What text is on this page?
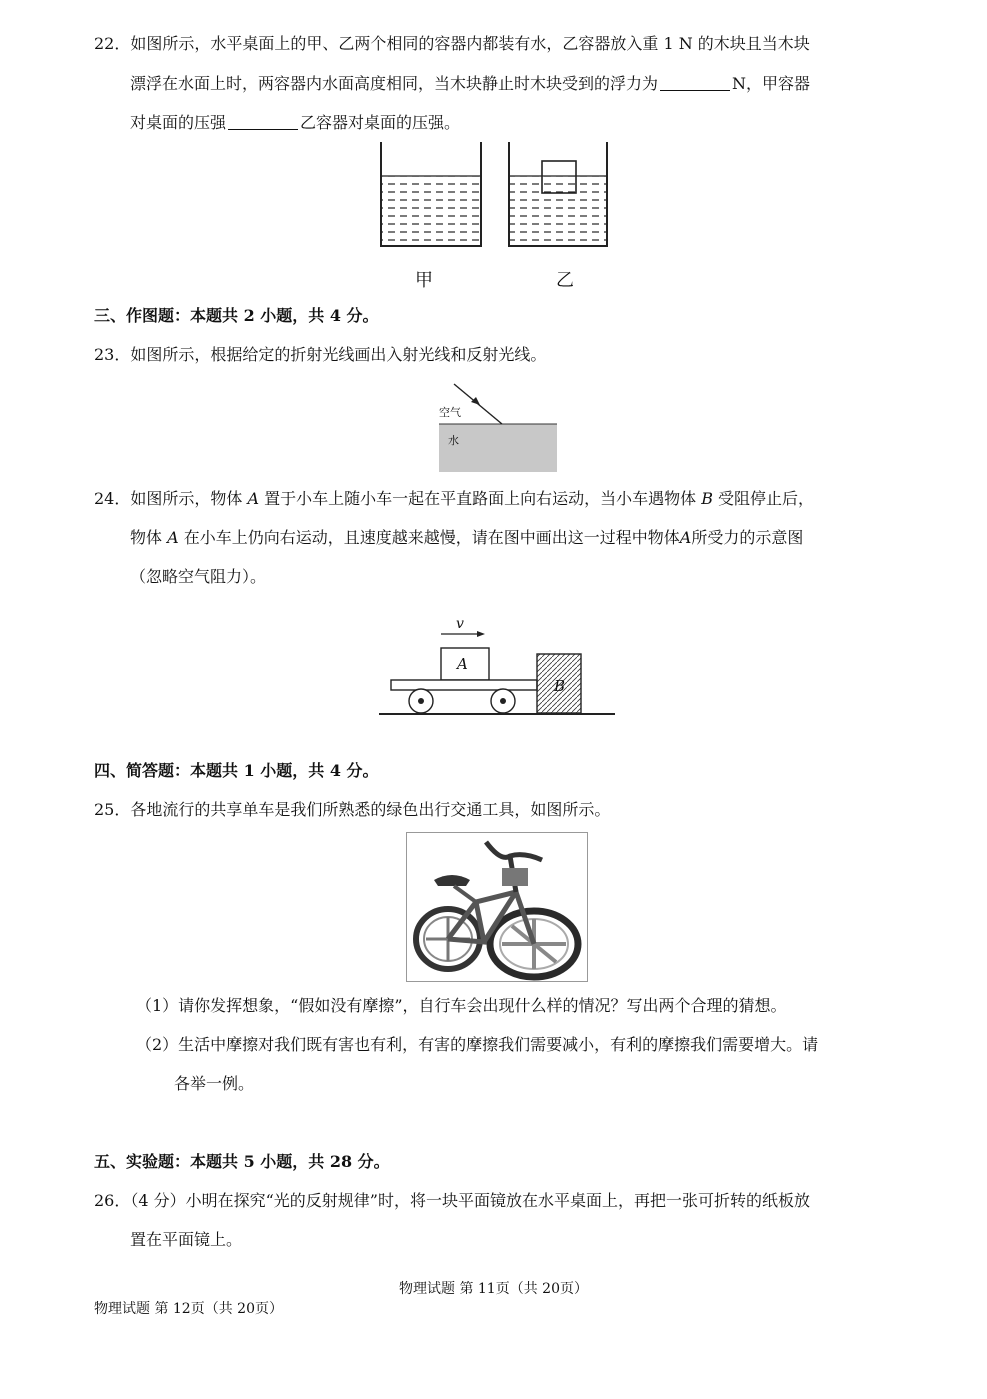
22．如图所示，水平桌面上的甲、乙两个相同的容器内都装有水，乙容器放入重 1 N 的木块且当木块
漂浮在水面上时，两容器内水面高度相同，当木块静止时木块受到的浮力为	N，甲容器
对桌面的压强	乙容器对桌面的压强。
甲	乙
三、作图题：本题共 2 小题，共 4 分。
23．如图所示，根据给定的折射光线画出入射光线和反射光线。
空气
水
24．如图所示，物体 A 置于小车上随小车一起在平直路面上向右运动，当小车遇物体 B 受阻停止后，
物体 A 在小车上仍向右运动，且速度越来越慢，请在图中画出这一过程中物体A所受力的示意图
（忽略空气阻力）。
v
A
B
四、简答题：本题共 1 小题，共 4 分。
25．各地流行的共享单车是我们所熟悉的绿色出行交通工具，如图所示。
（1）请你发挥想象，“假如没有摩擦”，自行车会出现什么样的情况？写出两个合理的猜想。
（2）生活中摩擦对我们既有害也有利，有害的摩擦我们需要减小，有利的摩擦我们需要增大。请
各举一例。
五、实验题：本题共 5 小题，共 28 分。
26．（4 分）小明在探究“光的反射规律”时，将一块平面镜放在水平桌面上，再把一张可折转的纸板放
置在平面镜上。
物理试题 第 11页（共 20页）
物理试题 第 12页（共 20页）
